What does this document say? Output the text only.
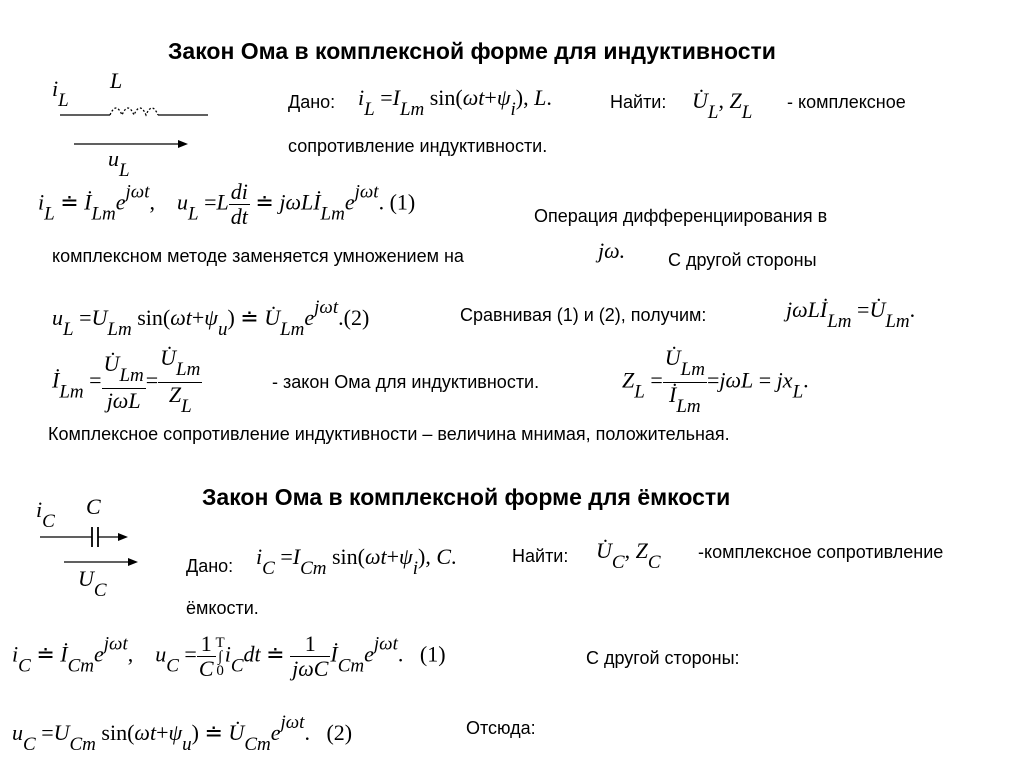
Закон Ома в комплексной форме для индуктивности
$i_L$
L
$u_L$
Дано: $i_L =I_{Lm}$ $\sin(\omega t+\psi_i)$, L.	Найти: $U̇_L$, $Z_L$ - комплексное
сопротивление индуктивности.
$i_L$ ≐ $İ_{Lm}e^{j\omega t}$,    $u_L =L \frac{di}{dt}$ ≐ $j\omega Lİ_{Lm}e^{j\omega t}$. (1)
Операция дифференциирования в
комплексном методе заменяется умножением на	jω. С другой стороны
$u_L =U_{Lm}$ $\sin(\omega t+\psi_u)$ ≐ $U̇_{Lm}e^{j\omega t}.(2)$	Сравнивая (1) и (2), получим:	jωLİ$_{Lm}$ $=U̇_{Lm}$.
$İ_{Lm} = \frac{U̇_{Lm}}{\text{jωL}} = \frac{U̇_{Lm}}{Z_L}$	- закон Ома для индуктивности.	$Z_L = \frac{U̇_{Lm}}{İ_{Lm}} =j\omega L = jx_L$.
Комплексное сопротивление индуктивности – величина мнимая, положительная.
Закон Ома в комплексной форме для ёмкости
$i_C$
C
$U_C$
Дано: $i_C =I_{Cm}$ $\sin(\omega t+\psi_i)$, C.	Найти: $U̇_C$, $Z_C$ -комплексное сопротивление
ёмкости.
$i_C$ ≐ $İ_{Cm}e^{j\omega t}$,    $u_C = \frac{1}{C}$ T
∫
0
$i_Cdt$ ≐ $\frac{1}{\text{jωC}}$ $İ_{Cm}e^{j\omega t}$.   (1)	С другой стороны:
$u_C =U_{Cm}$ $\sin(\omega t+\psi_u)$ ≐ $U̇_{Cm}e^{j\omega t}$.   (2)	Отсюда:
